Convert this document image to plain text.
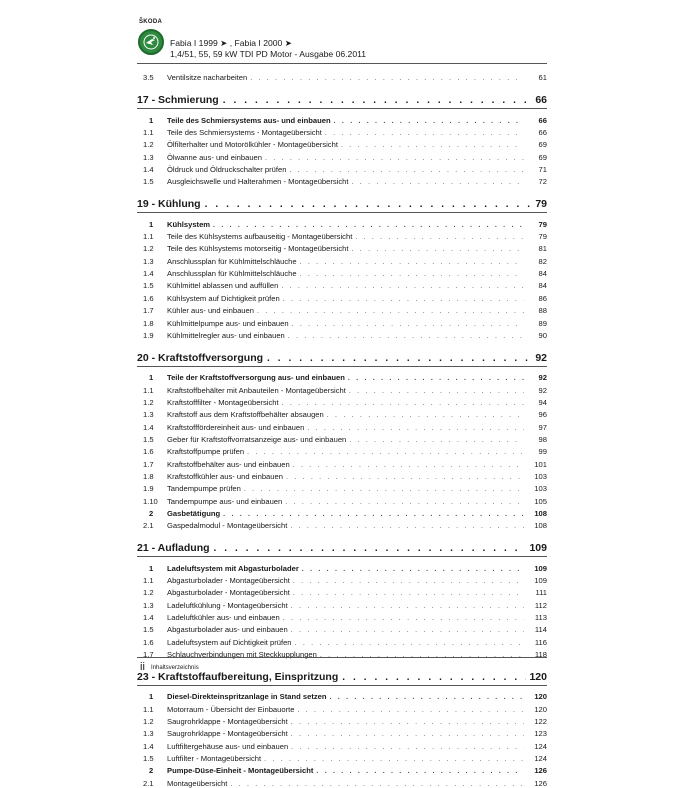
ŠKODA
Fabia I 1999 ➤ , Fabia I 2000 ➤
1,4/51, 55, 59 kW TDI PD Motor - Ausgabe 06.2011
3.5	Ventilsitze nacharbeiten . . .	61
17 - Schmierung . . .	66
1	Teile des Schmiersystems aus- und einbauen . . .	66
1.1	Teile des Schmiersystems - Montageübersicht . . .	66
1.2	Ölfilterhalter und Motorölkühler - Montageübersicht . . .	69
1.3	Ölwanne aus- und einbauen . . .	69
1.4	Öldruck und Öldruckschalter prüfen . . .	71
1.5	Ausgleichswelle und Halterahmen - Montageübersicht . . .	72
19 - Kühlung . . .	79
1	Kühlsystem . . .	79
1.1	Teile des Kühlsystems aufbauseitig - Montageübersicht . . .	79
1.2	Teile des Kühlsystems motorseitig - Montageübersicht . . .	81
1.3	Anschlussplan für Kühlmittelschläuche . . .	82
1.4	Anschlussplan für Kühlmittelschläuche . . .	84
1.5	Kühlmittel ablassen und auffüllen . . .	84
1.6	Kühlsystem auf Dichtigkeit prüfen . . .	86
1.7	Kühler aus- und einbauen . . .	88
1.8	Kühlmittelpumpe aus- und einbauen . . .	89
1.9	Kühlmittelregler aus- und einbauen . . .	90
20 - Kraftstoffversorgung . . .	92
1	Teile der Kraftstoffversorgung aus- und einbauen . . .	92
1.1	Kraftstoffbehälter mit Anbauteilen - Montageübersicht . . .	92
1.2	Kraftstofffilter - Montageübersicht . . .	94
1.3	Kraftstoff aus dem Kraftstoffbehälter absaugen . . .	96
1.4	Kraftstofffördereinheit aus- und einbauen . . .	97
1.5	Geber für Kraftstoffvorratsanzeige aus- und einbauen . . .	98
1.6	Kraftstoffpumpe prüfen . . .	99
1.7	Kraftstoffbehälter aus- und einbauen . . .	101
1.8	Kraftstoffkühler aus- und einbauen . . .	103
1.9	Tandempumpe prüfen . . .	103
1.10	Tandempumpe aus- und einbauen . . .	105
2	Gasbetätigung . . .	108
2.1	Gaspedalmodul - Montageübersicht . . .	108
21 - Aufladung . . .	109
1	Ladeluftsystem mit Abgasturbolader . . .	109
1.1	Abgasturbolader - Montageübersicht . . .	109
1.2	Abgasturbolader - Montageübersicht . . .	111
1.3	Ladeluftkühlung - Montageübersicht . . .	112
1.4	Ladeluftkühler aus- und einbauen . . .	113
1.5	Abgasturbolader aus- und einbauen . . .	114
1.6	Ladeluftsystem auf Dichtigkeit prüfen . . .	116
1.7	Schlauchverbindungen mit Steckkupplungen . . .	118
23 - Kraftstoffaufbereitung, Einspritzung . . .	120
1	Diesel-Direkteinspritzanlage in Stand setzen . . .	120
1.1	Motorraum - Übersicht der Einbauorte . . .	120
1.2	Saugrohrklappe - Montageübersicht . . .	122
1.3	Saugrohrklappe - Montageübersicht . . .	123
1.4	Luftfiltergehäuse aus- und einbauen . . .	124
1.5	Luftfilter - Montageübersicht . . .	124
2	Pumpe-Düse-Einheit - Montageübersicht . . .	126
2.1	Montageübersicht . . .	126
ii Inhaltsverzeichnis
